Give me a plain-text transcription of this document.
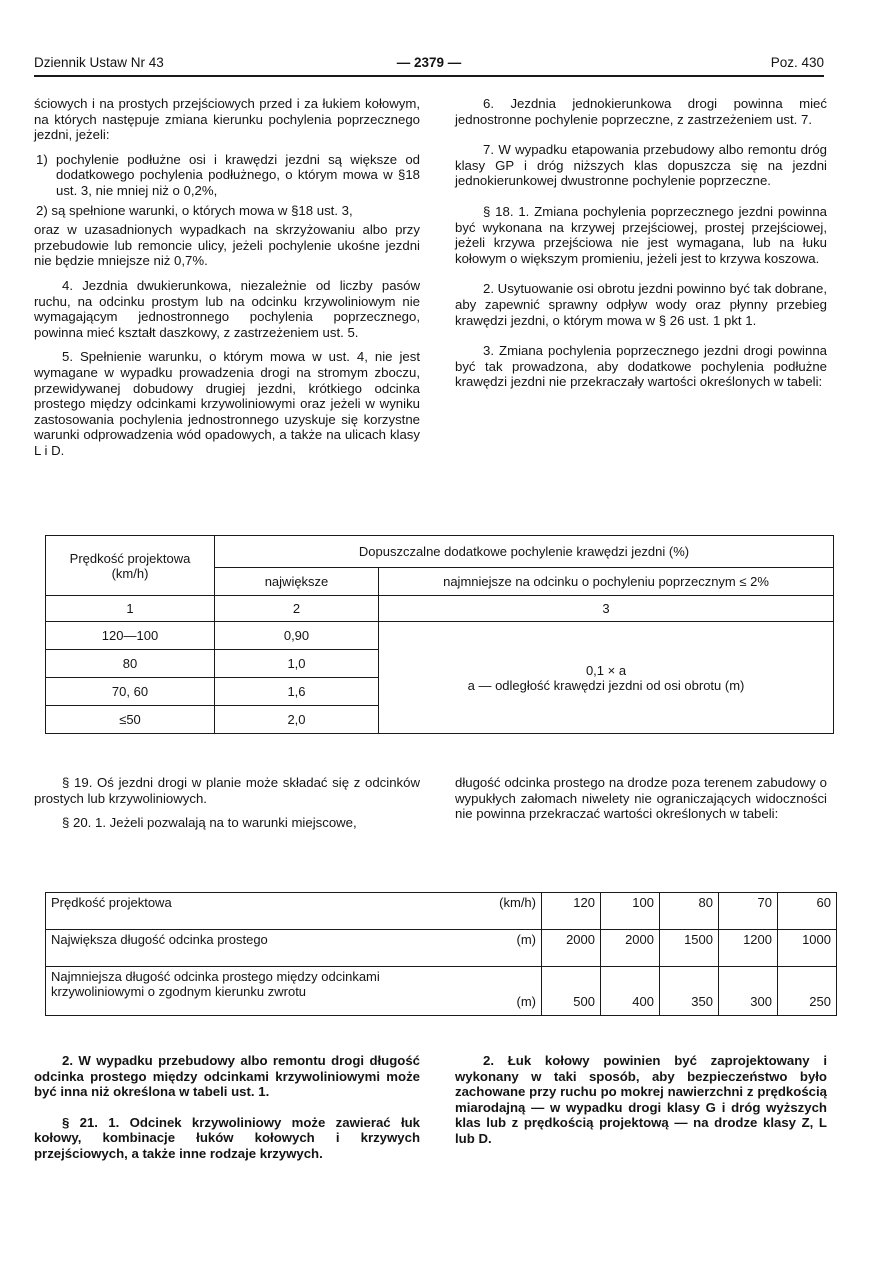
Dziennik Ustaw Nr 43	— 2379 —	Poz. 430

ściowych i na prostych przejściowych przed i za łukiem kołowym, na których następuje zmiana kierunku pochylenia poprzecznego jezdni, jeżeli:

1) pochylenie podłużne osi i krawędzi jezdni są większe od dodatkowego pochylenia podłużnego, o którym mowa w §18 ust. 3, nie mniej niż o 0,2%,

2) są spełnione warunki, o których mowa w §18 ust. 3,

oraz w uzasadnionych wypadkach na skrzyżowaniu albo przy przebudowie lub remoncie ulicy, jeżeli pochylenie ukośne jezdni nie będzie mniejsze niż 0,7%.

4. Jezdnia dwukierunkowa, niezależnie od liczby pasów ruchu, na odcinku prostym lub na odcinku krzywoliniowym nie wymagającym jednostronnego pochylenia poprzecznego, powinna mieć kształt daszkowy, z zastrzeżeniem ust. 5.

5. Spełnienie warunku, o którym mowa w ust. 4, nie jest wymagane w wypadku prowadzenia drogi na stromym zboczu, przewidywanej dobudowy drugiej jezdni, krótkiego odcinka prostego między odcinkami krzywoliniowymi oraz jeżeli w wyniku zastosowania pochylenia jednostronnego uzyskuje się korzystne warunki odprowadzenia wód opadowych, a także na ulicach klasy L i D.

6. Jezdnia jednokierunkowa drogi powinna mieć jednostronne pochylenie poprzeczne, z zastrzeżeniem ust. 7.

7. W wypadku etapowania przebudowy albo remontu dróg klasy GP i dróg niższych klas dopuszcza się na jezdni jednokierunkowej dwustronne pochylenie poprzeczne.

§ 18. 1. Zmiana pochylenia poprzecznego jezdni powinna być wykonana na krzywej przejściowej, prostej przejściowej, jeżeli krzywa przejściowa nie jest wymagana, lub na łuku kołowym o większym promieniu, jeżeli jest to krzywa koszowa.

2. Usytuowanie osi obrotu jezdni powinno być tak dobrane, aby zapewnić sprawny odpływ wody oraz płynny przebieg krawędzi jezdni, o którym mowa w § 26 ust. 1 pkt 1.

3. Zmiana pochylenia poprzecznego jezdni drogi powinna być tak prowadzona, aby dodatkowe pochylenia podłużne krawędzi jezdni nie przekraczały wartości określonych w tabeli:

Prędkość projektowa (km/h)	Dopuszczalne dodatkowe pochylenie krawędzi jezdni (%)	
	największe	najmniejsze na odcinku o pochyleniu poprzecznym ≤ 2%
1	2	3
120—100	0,90	0,1 × a
a — odległość krawędzi jezdni od osi obrotu (m)

80	1,0	
70, 60	1,6	
≤50	2,0	

§ 19. Oś jezdni drogi w planie może składać się z odcinków prostych lub krzywoliniowych.

§ 20. 1. Jeżeli pozwalają na to warunki miejscowe,

długość odcinka prostego na drodze poza terenem zabudowy o wypukłych załomach niwelety nie ograniczających widoczności nie powinna przekraczać wartości określonych w tabeli:

Prędkość projektowa	(km/h)	120	100	80	70	60
Największa długość odcinka prostego	(m)	2000	2000	1500	1200	1000
Najmniejsza długość odcinka prostego między odcinkami krzywoliniowymi o zgodnym kierunku zwrotu	(m)	500	400	350	300	250

2. W wypadku przebudowy albo remontu drogi długość odcinka prostego między odcinkami krzywoliniowymi może być inna niż określona w tabeli ust. 1.

§ 21. 1. Odcinek krzywoliniowy może zawierać łuk kołowy, kombinacje łuków kołowych i krzywych przejściowych, a także inne rodzaje krzywych.

2. Łuk kołowy powinien być zaprojektowany i wykonany w taki sposób, aby bezpieczeństwo było zachowane przy ruchu po mokrej nawierzchni z prędkością miarodajną — w wypadku drogi klasy G i dróg wyższych klas lub z prędkością projektową — na drodze klasy Z, L lub D.
